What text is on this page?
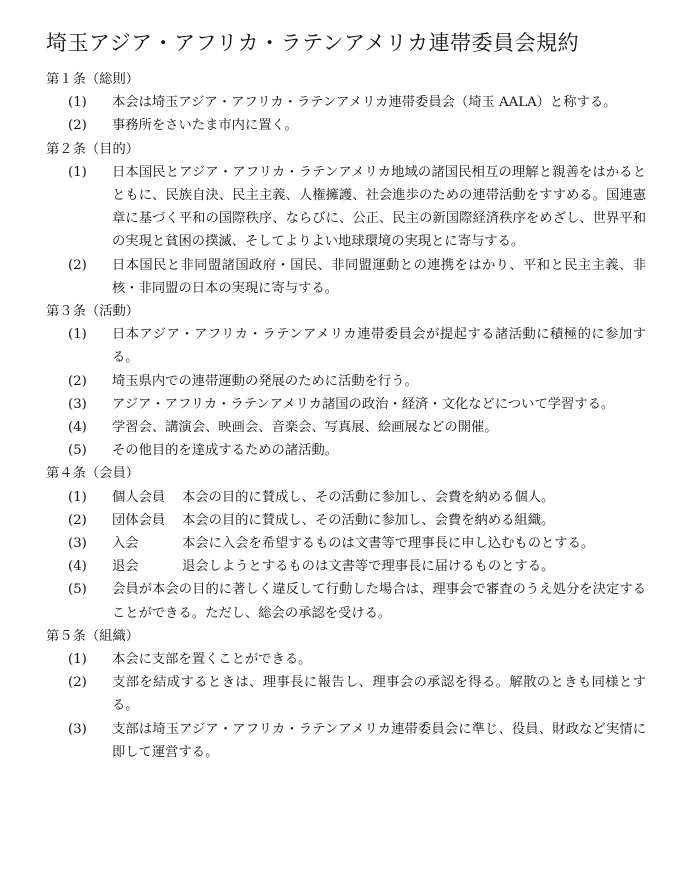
埼玉アジア・アフリカ・ラテンアメリカ連帯委員会規約

第１条（総則）

(1)	本会は埼玉アジア・アフリカ・ラテンアメリカ連帯委員会（埼玉 AALA）と称する。
(2)	事務所をさいたま市内に置く。

第２条（目的）

(1)	日本国民とアジア・アフリカ・ラテンアメリカ地域の諸国民相互の理解と親善をはかるとともに、民族自決、民主主義、人権擁護、社会進歩のための連帯活動をすすめる。国連憲章に基づく平和の国際秩序、ならびに、公正、民主の新国際経済秩序をめざし、世界平和の実現と貧困の撲滅、そしてよりよい地球環境の実現とに寄与する。
(2)	日本国民と非同盟諸国政府・国民、非同盟運動との連携をはかり、平和と民主主義、非核・非同盟の日本の実現に寄与する。

第３条（活動）

(1)	日本アジア・アフリカ・ラテンアメリカ連帯委員会が提起する諸活動に積極的に参加する。
(2)	埼玉県内での連帯運動の発展のために活動を行う。
(3)	アジア・アフリカ・ラテンアメリカ諸国の政治・経済・文化などについて学習する。
(4)	学習会、講演会、映画会、音楽会、写真展、絵画展などの開催。
(5)	その他目的を達成するための諸活動。

第４条（会員）

(1)	個人会員 本会の目的に賛成し、その活動に参加し、会費を納める個人。
(2)	団体会員 本会の目的に賛成し、その活動に参加し、会費を納める組織。
(3)	入会	本会に入会を希望するものは文書等で理事長に申し込むものとする。
(4)	退会	退会しようとするものは文書等で理事長に届けるものとする。
(5)	会員が本会の目的に著しく違反して行動した場合は、理事会で審査のうえ処分を決定することができる。ただし、総会の承認を受ける。

第５条（組織）

(1)	本会に支部を置くことができる。
(2)	支部を結成するときは、理事長に報告し、理事会の承認を得る。解散のときも同様とする。
(3)	支部は埼玉アジア・アフリカ・ラテンアメリカ連帯委員会に準じ、役員、財政など実情に即して運営する。
